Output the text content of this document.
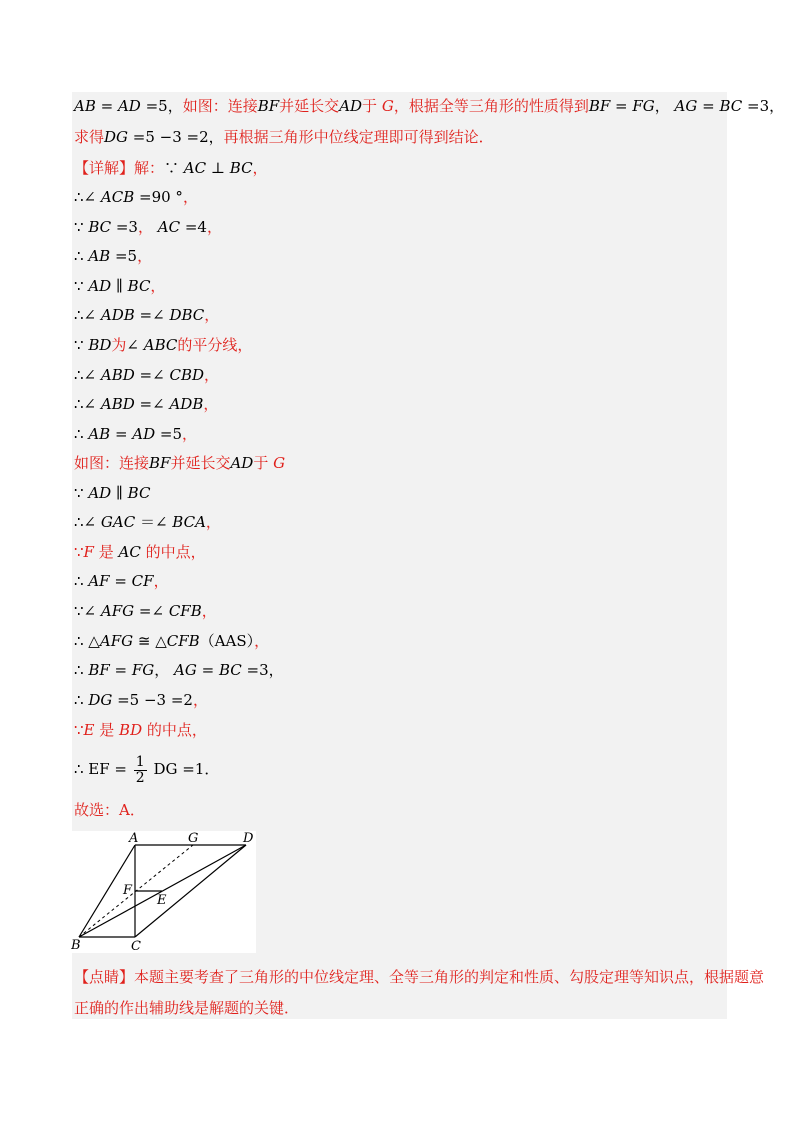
AB = AD =5，如图：连接BF并延长交AD于 G，根据全等三角形的性质得到BF = FG， AG = BC =3，
求得DG =5 −3 =2，再根据三角形中位线定理即可得到结论．
【详解】解：∵ AC ⊥ BC，
∴∠ ACB =90 °，
∵ BC =3， AC =4，
∴ AB =5，
∵ AD ∥ BC，
∴∠ ADB =∠ DBC，
∵ BD为∠ ABC的平分线，
∴∠ ABD =∠ CBD，
∴∠ ABD =∠ ADB，
∴ AB = AD =5，
如图：连接BF并延长交AD于 G
∵ AD ∥ BC
∴∠ GAC ＝∠ BCA，
∵F 是 AC 的中点，
∴ AF = CF，
∵∠ AFG =∠ CFB，
∴ △AFG ≅ △CFB（AAS），
∴ BF = FG， AG = BC =3，
∴ DG =5 −3 =2，
∵E 是 BD 的中点，
∴ EF = $\frac{1}{2}$ DG =1．
故选：A．
A	G	D
F
E
B	C
【点睛】本题主要考查了三角形的中位线定理、全等三角形的判定和性质、勾股定理等知识点，根据题意
正确的作出辅助线是解题的关键．
